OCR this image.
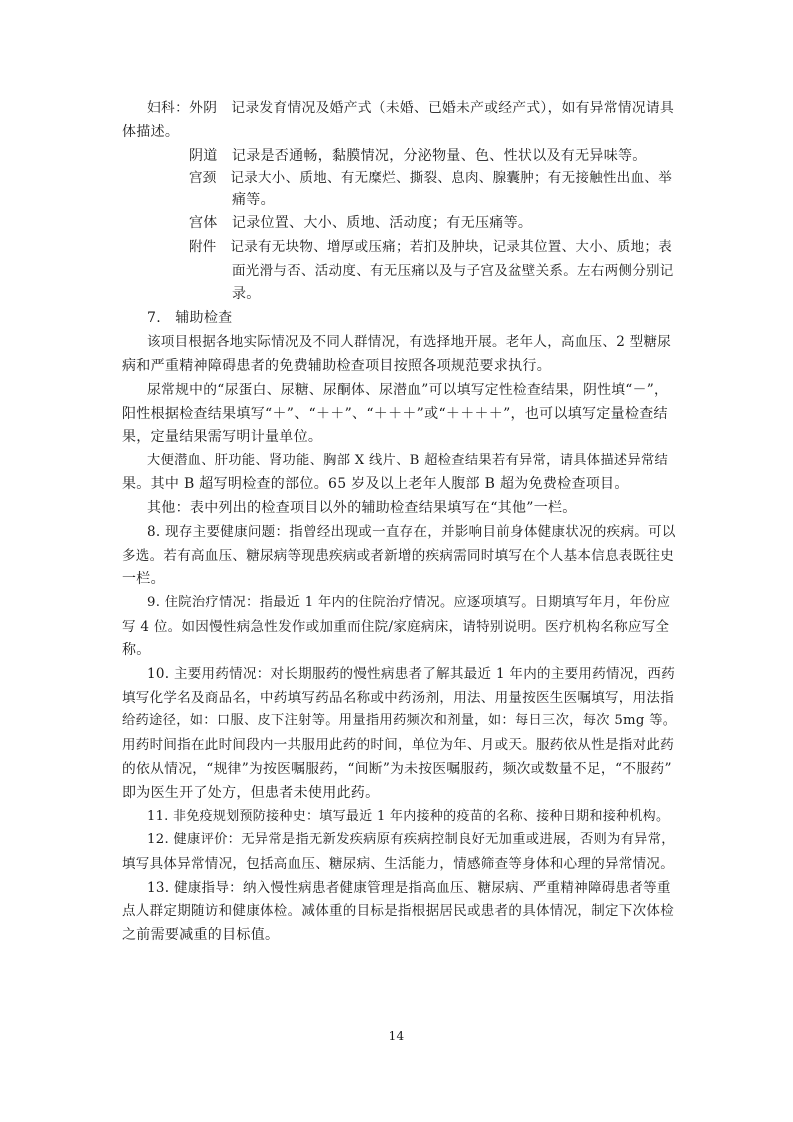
妇科：外阴　记录发育情况及婚产式（未婚、已婚未产或经产式），如有异常情况请具
体描述。
阴道　记录是否通畅，黏膜情况，分泌物量、色、性状以及有无异味等。
宫颈　记录大小、质地、有无糜烂、撕裂、息肉、腺囊肿；有无接触性出血、举
痛等。
宫体　记录位置、大小、质地、活动度；有无压痛等。
附件　记录有无块物、增厚或压痛；若扪及肿块，记录其位置、大小、质地；表
面光滑与否、活动度、有无压痛以及与子宫及盆壁关系。左右两侧分别记
录。
7.　辅助检查
该项目根据各地实际情况及不同人群情况，有选择地开展。老年人，高血压、2 型糖尿
病和严重精神障碍患者的免费辅助检查项目按照各项规范要求执行。
尿常规中的“尿蛋白、尿糖、尿酮体、尿潜血”可以填写定性检查结果，阴性填“－”，
阳性根据检查结果填写“＋”、“＋＋”、“＋＋＋”或“＋＋＋＋”，也可以填写定量检查结
果，定量结果需写明计量单位。
大便潜血、肝功能、肾功能、胸部 X 线片、B 超检查结果若有异常，请具体描述异常结
果。其中 B 超写明检查的部位。65 岁及以上老年人腹部 B 超为免费检查项目。
其他：表中列出的检查项目以外的辅助检查结果填写在“其他”一栏。
8. 现存主要健康问题：指曾经出现或一直存在，并影响目前身体健康状况的疾病。可以
多选。若有高血压、糖尿病等现患疾病或者新增的疾病需同时填写在个人基本信息表既往史
一栏。
9. 住院治疗情况：指最近 1 年内的住院治疗情况。应逐项填写。日期填写年月，年份应
写 4 位。如因慢性病急性发作或加重而住院/家庭病床，请特别说明。医疗机构名称应写全
称。
10. 主要用药情况：对长期服药的慢性病患者了解其最近 1 年内的主要用药情况，西药
填写化学名及商品名，中药填写药品名称或中药汤剂，用法、用量按医生医嘱填写，用法指
给药途径，如：口服、皮下注射等。用量指用药频次和剂量，如：每日三次，每次 5mg 等。
用药时间指在此时间段内一共服用此药的时间，单位为年、月或天。服药依从性是指对此药
的依从情况，“规律”为按医嘱服药，“间断”为未按医嘱服药，频次或数量不足，“不服药”
即为医生开了处方，但患者未使用此药。
11. 非免疫规划预防接种史：填写最近 1 年内接种的疫苗的名称、接种日期和接种机构。
12. 健康评价：无异常是指无新发疾病原有疾病控制良好无加重或进展，否则为有异常，
填写具体异常情况，包括高血压、糖尿病、生活能力，情感筛查等身体和心理的异常情况。
13. 健康指导：纳入慢性病患者健康管理是指高血压、糖尿病、严重精神障碍患者等重
点人群定期随访和健康体检。减体重的目标是指根据居民或患者的具体情况，制定下次体检
之前需要减重的目标值。
14
